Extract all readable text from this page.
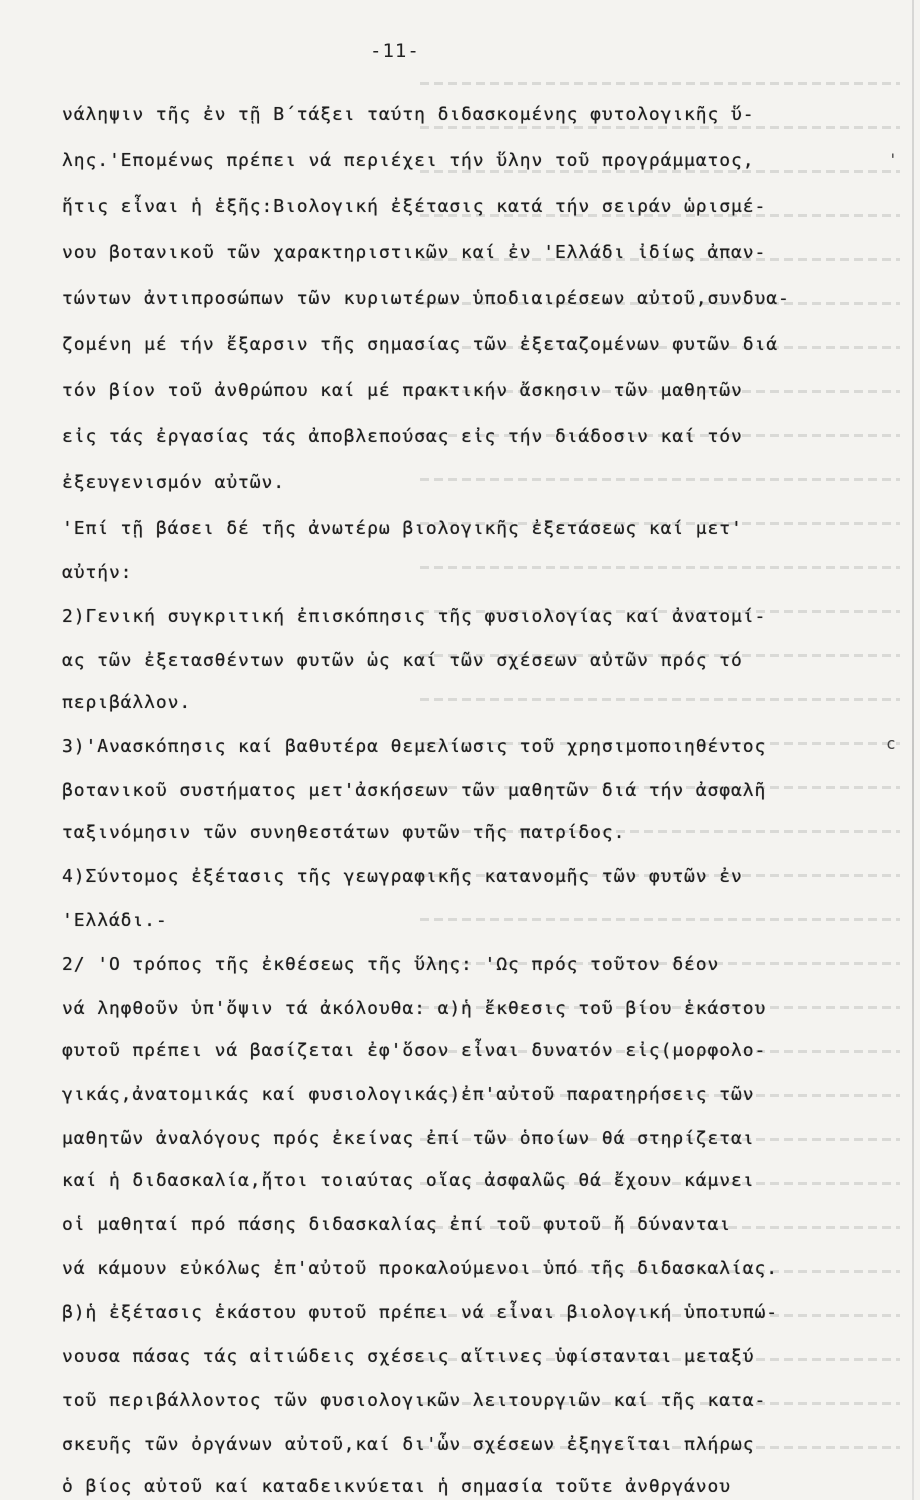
-11-
'
c
νάληψιν τῆς ἐν τῇ Β΄τάξει ταύτη διδασκομένης φυτολογικῆς ὕ-
λης.'Επομένως πρέπει νά περιέχει τήν ὕλην τοῦ προγράμματος,
ἥτις εἶναι ἡ ἑξῆς:Βιολογική ἐξέτασις κατά τήν σειράν ὡρισμέ-
νου βοτανικοῦ τῶν χαρακτηριστικῶν καί ἐν 'Ελλάδι ἰδίως ἀπαν-
τώντων ἀντιπροσώπων τῶν κυριωτέρων ὑποδιαιρέσεων αὐτοῦ,συνδυα-
ζομένη μέ τήν ἔξαρσιν τῆς σημασίας τῶν ἐξεταζομένων φυτῶν διά
τόν βίον τοῦ ἀνθρώπου καί μέ πρακτικήν ἄσκησιν τῶν μαθητῶν
εἰς τάς ἐργασίας τάς ἀποβλεπούσας εἰς τήν διάδοσιν καί τόν
ἐξευγενισμόν αὐτῶν.
'Επί τῇ βάσει δέ τῆς ἀνωτέρω βιολογικῆς ἐξετάσεως καί μετ'
αὐτήν:
2)Γενική συγκριτική ἐπισκόπησις τῆς φυσιολογίας καί ἀνατομί-
ας τῶν ἐξετασθέντων φυτῶν ὡς καί τῶν σχέσεων αὐτῶν πρός τό
περιβάλλον.
3)'Ανασκόπησις καί βαθυτέρα θεμελίωσις τοῦ χρησιμοποιηθέντος
βοτανικοῦ συστήματος μετ'ἀσκήσεων τῶν μαθητῶν διά τήν ἀσφαλῆ
ταξινόμησιν τῶν συνηθεστάτων φυτῶν τῆς πατρίδος.
4)Σύντομος ἐξέτασις τῆς γεωγραφικῆς κατανομῆς τῶν φυτῶν ἐν
'Ελλάδι.-
2/ 'Ο τρόπος τῆς ἐκθέσεως τῆς ὕλης: 'Ως πρός τοῦτον δέον
νά ληφθοῦν ὑπ'ὄψιν τά ἀκόλουθα: α)ἡ ἔκθεσις τοῦ βίου ἑκάστου
φυτοῦ πρέπει νά βασίζεται ἐφ'ὅσον εἶναι δυνατόν εἰς(μορφολο-
γικάς,ἀνατομικάς καί φυσιολογικάς)ἐπ'αὐτοῦ παρατηρήσεις τῶν
μαθητῶν ἀναλόγους πρός ἐκείνας ἐπί τῶν ὁποίων θά στηρίζεται
καί ἡ διδασκαλία,ἤτοι τοιαύτας οἵας ἀσφαλῶς θά ἔχουν κάμνει
οἱ μαθηταί πρό πάσης διδασκαλίας ἐπί τοῦ φυτοῦ ἤ δύνανται
νά κάμουν εὐκόλως ἐπ'αὐτοῦ προκαλούμενοι ὑπό τῆς διδασκαλίας.
β)ἡ ἐξέτασις ἑκάστου φυτοῦ πρέπει νά εἶναι βιολογική ὑποτυπώ-
νουσα πάσας τάς αἰτιώδεις σχέσεις αἵτινες ὑφίστανται μεταξύ
τοῦ περιβάλλοντος τῶν φυσιολογικῶν λειτουργιῶν καί τῆς κατα-
σκευῆς τῶν ὀργάνων αὐτοῦ,καί δι'ὧν σχέσεων ἐξηγεῖται πλήρως
ὁ βίος αὐτοῦ καί καταδεικνύεται ἡ σημασία τοῦτε ἀνθργάνου
